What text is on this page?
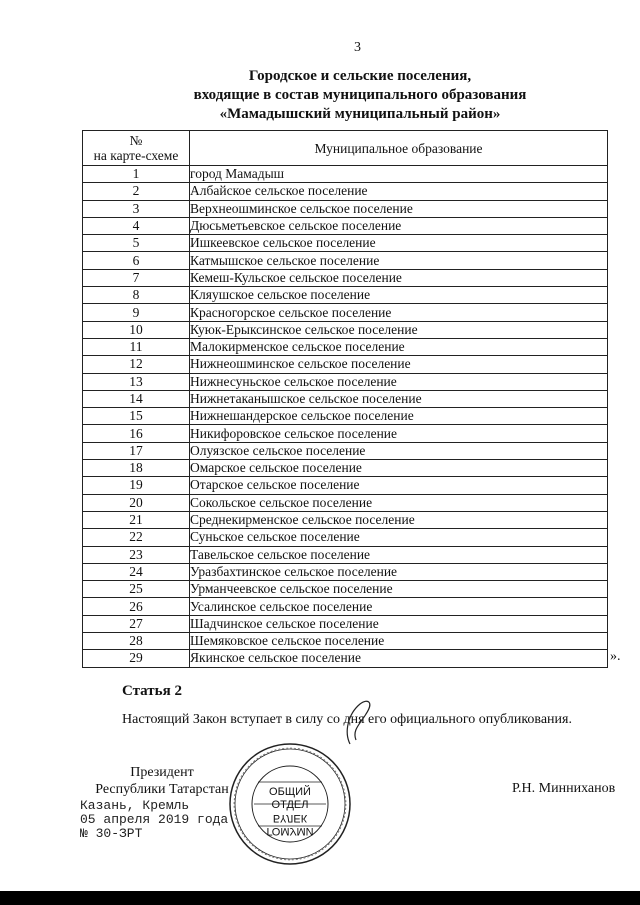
3
Городское и сельские поселения,
входящие в состав муниципального образования
«Мамадышский муниципальный район»
№
на карте-схеме	Муниципальное образование
1	город Мамадыш
2	Албайское сельское поселение
3	Верхнеошминское сельское поселение
4	Дюсьметьевское сельское поселение
5	Ишкеевское сельское поселение
6	Катмышское сельское поселение
7	Кемеш-Кульское сельское поселение
8	Кляушское сельское поселение
9	Красногорское сельское поселение
10	Куюк-Ерыксинское сельское поселение
11	Малокирменское сельское поселение
12	Нижнеошминское сельское поселение
13	Нижнесуньское сельское поселение
14	Нижнетаканышское сельское поселение
15	Нижнешандерское сельское поселение
16	Никифоровское сельское поселение
17	Олуязское сельское поселение
18	Омарское сельское поселение
19	Отарское сельское поселение
20	Сокольское сельское поселение
21	Среднекирменское сельское поселение
22	Суньское сельское поселение
23	Тавельское сельское поселение
24	Уразбахтинское сельское поселение
25	Урманчеевское сельское поселение
26	Усалинское сельское поселение
27	Шадчинское сельское поселение
28	Шемяковское сельское поселение
29	Якинское сельское поселение	».
Статья 2
Настоящий Закон вступает в силу со дня его официального опубликования.
Президент
Республики Татарстан	Р.Н. Минниханов
Казань, Кремль
05 апреля 2019 года
№ 30-ЗРТ
ОБЩИЙ
ОТДЕЛ
БҮЛЕК
ГОМУМИ
